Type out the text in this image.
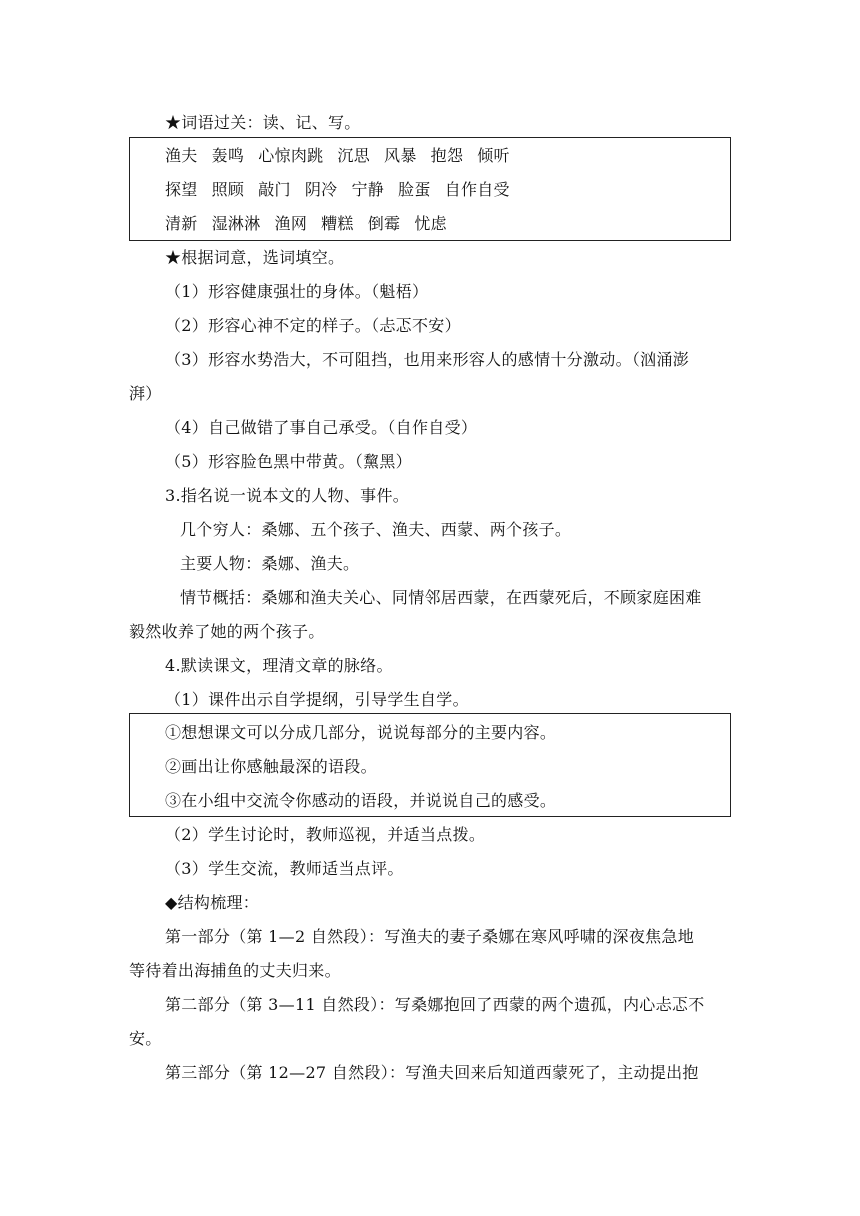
★词语过关：读、记、写。
渔夫 轰鸣 心惊肉跳 沉思 风暴 抱怨 倾听
探望 照顾 敲门 阴冷 宁静 脸蛋 自作自受
清新 湿淋淋 渔网 糟糕 倒霉 忧虑
★根据词意，选词填空。
（1）形容健康强壮的身体。（魁梧）
（2）形容心神不定的样子。（忐忑不安）
（3）形容水势浩大，不可阻挡，也用来形容人的感情十分激动。（汹涌澎
湃）
（4）自己做错了事自己承受。（自作自受）
（5）形容脸色黑中带黄。（黧黑）
3.指名说一说本文的人物、事件。
几个穷人：桑娜、五个孩子、渔夫、西蒙、两个孩子。
主要人物：桑娜、渔夫。
情节概括：桑娜和渔夫关心、同情邻居西蒙，在西蒙死后，不顾家庭困难
毅然收养了她的两个孩子。
4.默读课文，理清文章的脉络。
（1）课件出示自学提纲，引导学生自学。
①想想课文可以分成几部分，说说每部分的主要内容。
②画出让你感触最深的语段。
③在小组中交流令你感动的语段，并说说自己的感受。
（2）学生讨论时，教师巡视，并适当点拨。
（3）学生交流，教师适当点评。
◆结构梳理：
第一部分（第 1—2 自然段）：写渔夫的妻子桑娜在寒风呼啸的深夜焦急地
等待着出海捕鱼的丈夫归来。
第二部分（第 3—11 自然段）：写桑娜抱回了西蒙的两个遗孤，内心忐忑不
安。
第三部分（第 12—27 自然段）：写渔夫回来后知道西蒙死了，主动提出抱
